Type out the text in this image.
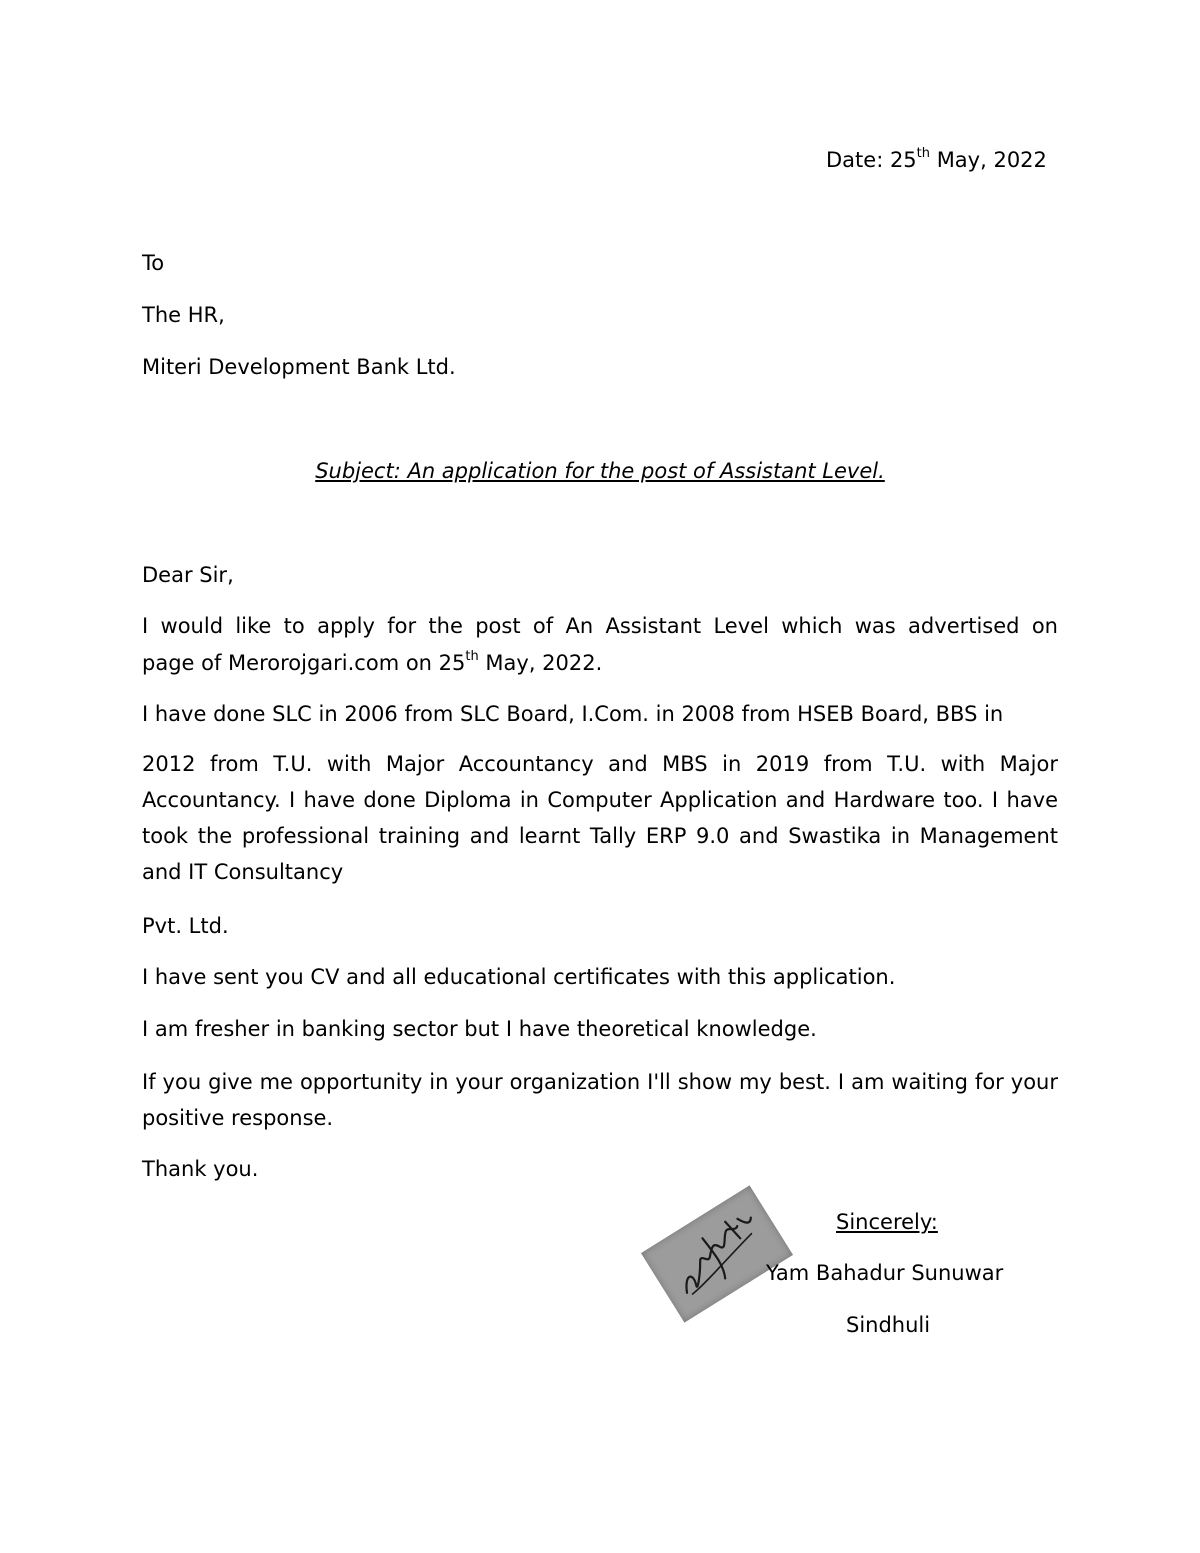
Date: 25th May, 2022
To
The HR,
Miteri Development Bank Ltd.
Subject: An application for the post of Assistant Level.
Dear Sir,
I would like to apply for the post of An Assistant Level which was advertised on
page of Merorojgari.com on 25th May, 2022.
I have done SLC in 2006 from SLC Board, I.Com. in 2008 from HSEB Board, BBS in
2012 from T.U. with Major Accountancy and MBS in 2019 from T.U. with Major Accountancy. I have done Diploma in Computer Application and Hardware too. I have took the professional training and learnt Tally ERP 9.0 and Swastika in Management and IT Consultancy
Pvt. Ltd.
I have sent you CV and all educational certificates with this application.
I am fresher in banking sector but I have theoretical knowledge.
If you give me opportunity in your organization I'll show my best. I am waiting for your positive response.
Thank you.
Sincerely:
Yam Bahadur Sunuwar
Sindhuli
